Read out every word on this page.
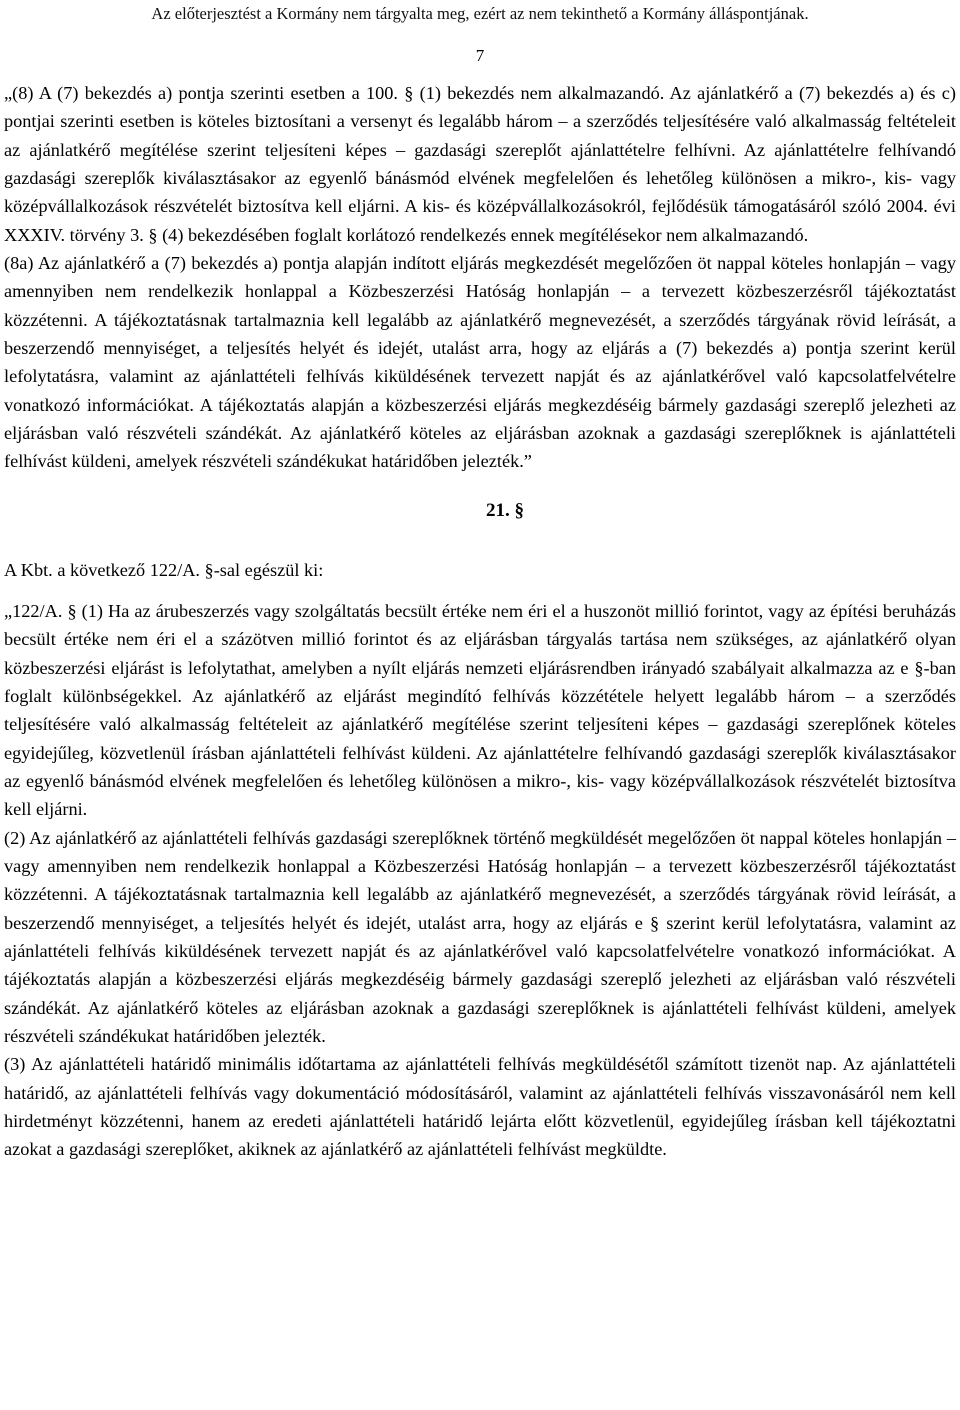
Az előterjesztést a Kormány nem tárgyalta meg, ezért az nem tekinthető a Kormány álláspontjának.
7

„(8) A (7) bekezdés a) pontja szerinti esetben a 100. § (1) bekezdés nem alkalmazandó. Az ajánlatkérő a (7) bekezdés a) és c) pontjai szerinti esetben is köteles biztosítani a versenyt és legalább három – a szerződés teljesítésére való alkalmasság feltételeit az ajánlatkérő megítélése szerint teljesíteni képes – gazdasági szereplőt ajánlattételre felhívni. Az ajánlattételre felhívandó gazdasági szereplők kiválasztásakor az egyenlő bánásmód elvének megfelelően és lehetőleg különösen a mikro-, kis- vagy középvállalkozások részvételét biztosítva kell eljárni. A kis- és középvállalkozásokról, fejlődésük támogatásáról szóló 2004. évi XXXIV. törvény 3. § (4) bekezdésében foglalt korlátozó rendelkezés ennek megítélésekor nem alkalmazandó.

(8a) Az ajánlatkérő a (7) bekezdés a) pontja alapján indított eljárás megkezdését megelőzően öt nappal köteles honlapján – vagy amennyiben nem rendelkezik honlappal a Közbeszerzési Hatóság honlapján – a tervezett közbeszerzésről tájékoztatást közzétenni. A tájékoztatásnak tartalmaznia kell legalább az ajánlatkérő megnevezését, a szerződés tárgyának rövid leírását, a beszerzendő mennyiséget, a teljesítés helyét és idejét, utalást arra, hogy az eljárás a (7) bekezdés a) pontja szerint kerül lefolytatásra, valamint az ajánlattételi felhívás kiküldésének tervezett napját és az ajánlatkérővel való kapcsolatfelvételre vonatkozó információkat. A tájékoztatás alapján a közbeszerzési eljárás megkezdéséig bármely gazdasági szereplő jelezheti az eljárásban való részvételi szándékát. Az ajánlatkérő köteles az eljárásban azoknak a gazdasági szereplőknek is ajánlattételi felhívást küldeni, amelyek részvételi szándékukat határidőben jelezték.”

21. §
A Kbt. a következő 122/A. §-sal egészül ki:

„122/A. § (1) Ha az árubeszerzés vagy szolgáltatás becsült értéke nem éri el a huszonöt millió forintot, vagy az építési beruházás becsült értéke nem éri el a százötven millió forintot és az eljárásban tárgyalás tartása nem szükséges, az ajánlatkérő olyan közbeszerzési eljárást is lefolytathat, amelyben a nyílt eljárás nemzeti eljárásrendben irányadó szabályait alkalmazza az e §-ban foglalt különbségekkel. Az ajánlatkérő az eljárást megindító felhívás közzététele helyett legalább három – a szerződés teljesítésére való alkalmasság feltételeit az ajánlatkérő megítélése szerint teljesíteni képes – gazdasági szereplőnek köteles egyidejűleg, közvetlenül írásban ajánlattételi felhívást küldeni. Az ajánlattételre felhívandó gazdasági szereplők kiválasztásakor az egyenlő bánásmód elvének megfelelően és lehetőleg különösen a mikro-, kis- vagy középvállalkozások részvételét biztosítva kell eljárni.

(2) Az ajánlatkérő az ajánlattételi felhívás gazdasági szereplőknek történő megküldését megelőzően öt nappal köteles honlapján – vagy amennyiben nem rendelkezik honlappal a Közbeszerzési Hatóság honlapján – a tervezett közbeszerzésről tájékoztatást közzétenni. A tájékoztatásnak tartalmaznia kell legalább az ajánlatkérő megnevezését, a szerződés tárgyának rövid leírását, a beszerzendő mennyiséget, a teljesítés helyét és idejét, utalást arra, hogy az eljárás e § szerint kerül lefolytatásra, valamint az ajánlattételi felhívás kiküldésének tervezett napját és az ajánlatkérővel való kapcsolatfelvételre vonatkozó információkat. A tájékoztatás alapján a közbeszerzési eljárás megkezdéséig bármely gazdasági szereplő jelezheti az eljárásban való részvételi szándékát. Az ajánlatkérő köteles az eljárásban azoknak a gazdasági szereplőknek is ajánlattételi felhívást küldeni, amelyek részvételi szándékukat határidőben jelezték.

(3) Az ajánlattételi határidő minimális időtartama az ajánlattételi felhívás megküldésétől számított tizenöt nap. Az ajánlattételi határidő, az ajánlattételi felhívás vagy dokumentáció módosításáról, valamint az ajánlattételi felhívás visszavonásáról nem kell hirdetményt közzétenni, hanem az eredeti ajánlattételi határidő lejárta előtt közvetlenül, egyidejűleg írásban kell tájékoztatni azokat a gazdasági szereplőket, akiknek az ajánlatkérő az ajánlattételi felhívást megküldte.
